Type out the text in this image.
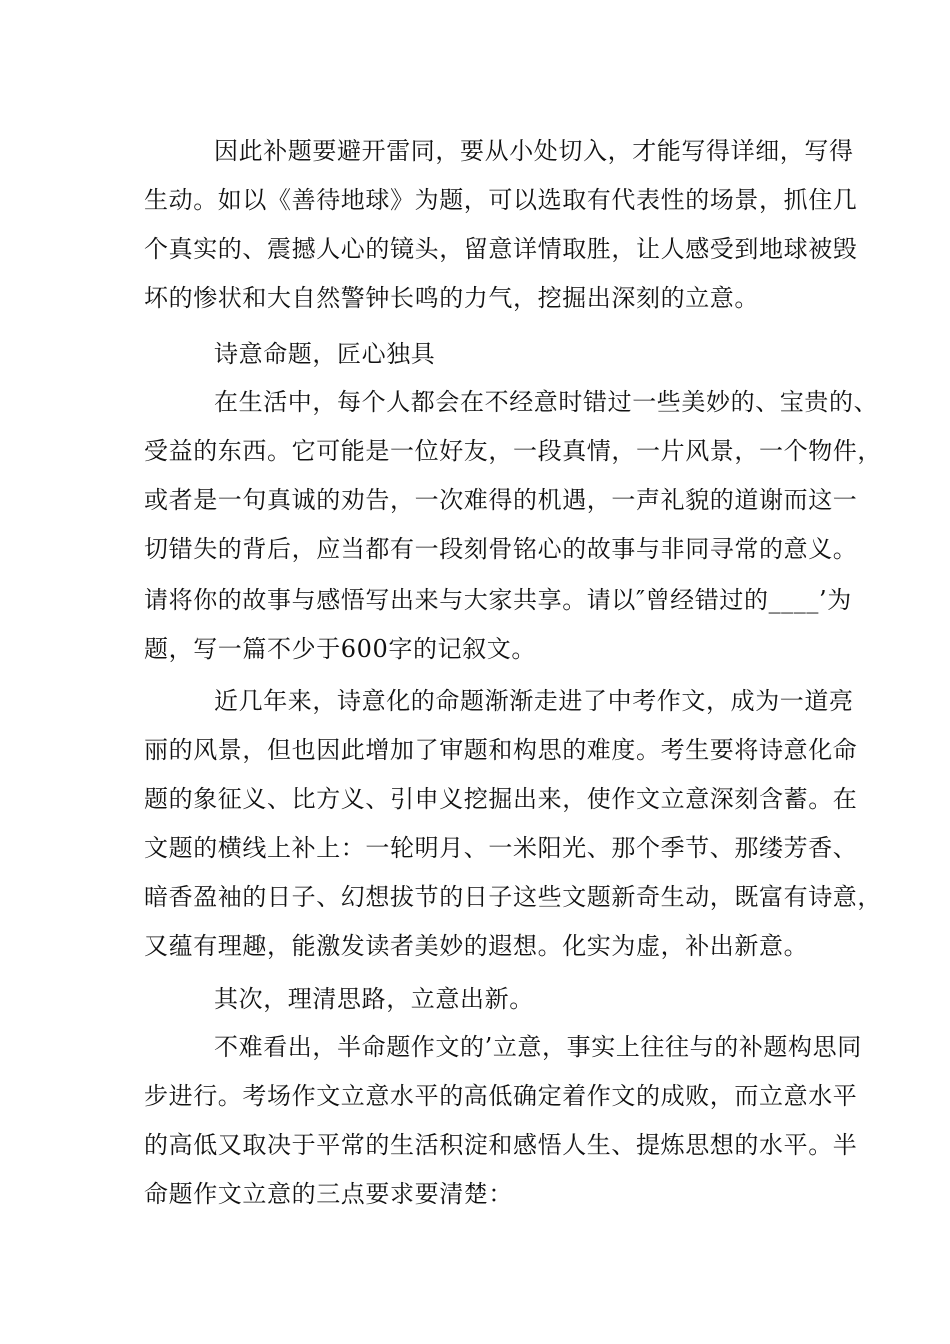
因此补题要避开雷同，要从小处切入，才能写得详细，写得
生动。如以《善待地球》为题，可以选取有代表性的场景，抓住几
个真实的、震撼人心的镜头，留意详情取胜，让人感受到地球被毁
坏的惨状和大自然警钟长鸣的力气，挖掘出深刻的立意。
诗意命题，匠心独具
在生活中，每个人都会在不经意时错过一些美妙的、宝贵的、
受益的东西。它可能是一位好友，一段真情，一片风景，一个物件，
或者是一句真诚的劝告，一次难得的机遇，一声礼貌的道谢而这一
切错失的背后，应当都有一段刻骨铭心的故事与非同寻常的意义。
请将你的故事与感悟写出来与大家共享。请以″曾经错过的____’为
题，写一篇不少于600字的记叙文。
近几年来，诗意化的命题渐渐走进了中考作文，成为一道亮
丽的风景，但也因此增加了审题和构思的难度。考生要将诗意化命
题的象征义、比方义、引申义挖掘出来，使作文立意深刻含蓄。在
文题的横线上补上：一轮明月、一米阳光、那个季节、那缕芳香、
暗香盈袖的日子、幻想拔节的日子这些文题新奇生动，既富有诗意，
又蕴有理趣，能激发读者美妙的遐想。化实为虚，补出新意。
其次，理清思路，立意出新。
不难看出，半命题作文的’立意，事实上往往与的补题构思同
步进行。考场作文立意水平的高低确定着作文的成败，而立意水平
的高低又取决于平常的生活积淀和感悟人生、提炼思想的水平。半
命题作文立意的三点要求要清楚：
